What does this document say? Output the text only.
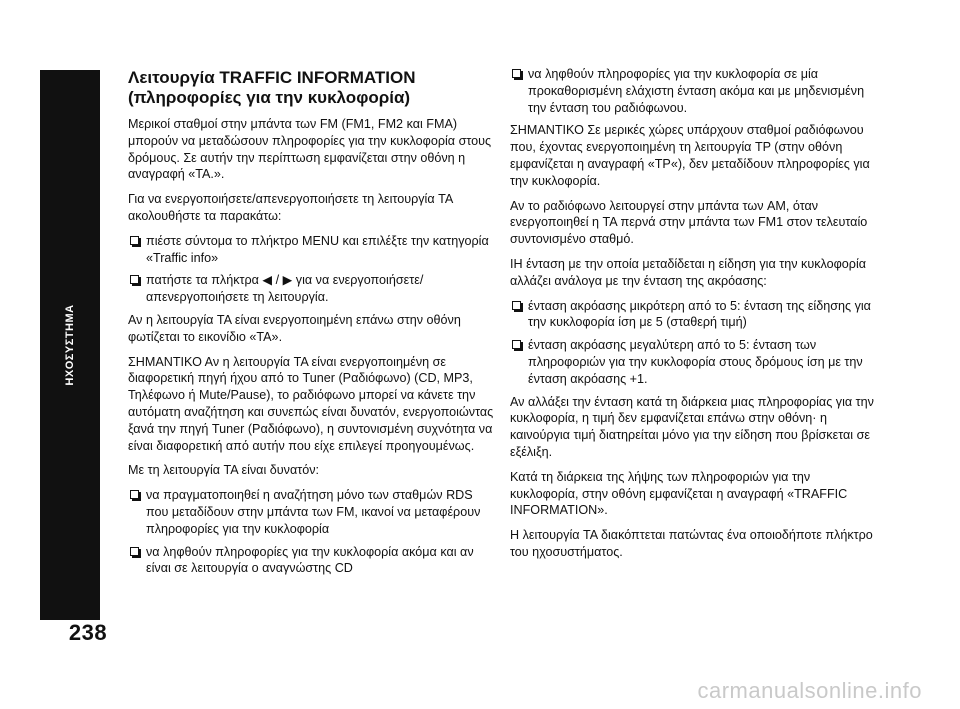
ΗΧΟΣΥΣΤΗΜΑ
238
Λειτουργία TRAFFIC INFORMATION
(πληροφορίες για την κυκλοφορία)

Μερικοί σταθμοί στην μπάντα των FM (FM1, FM2 και FMA) μπορούν να μεταδώσουν πληροφορίες για την κυκλοφορία στους δρόμους. Σε αυτήν την περίπτωση εμφανίζεται στην οθόνη η αναγραφή «TA.».

Για να ενεργοποιήσετε/απενεργοποιήσετε τη λειτουργία TA ακολουθήστε τα παρακάτω:

πιέστε σύντομα το πλήκτρο MENU και επιλέξτε την κατηγορία «Traffic info»
πατήστε τα πλήκτρα ◀ / ▶ για να ενεργοποιήσετε/ απενεργοποιήσετε τη λειτουργία.

Αν η λειτουργία TA είναι ενεργοποιημένη επάνω στην οθόνη φωτίζεται το εικονίδιο «TA».

ΣΗΜΑΝΤΙΚΟ Αν η λειτουργία TA είναι ενεργοποιημένη σε διαφορετική πηγή ήχου από το Tuner (Ραδιόφωνο) (CD, MP3, Τηλέφωνο ή Mute/Pause), το ραδιόφωνο μπορεί να κάνετε την αυτόματη αναζήτηση και συνεπώς είναι δυνατόν, ενεργοποιώντας ξανά την πηγή Tuner (Ραδιόφωνο), η συντονισμένη συχνότητα να είναι διαφορετική από αυτήν που είχε επιλεγεί προηγουμένως.

Με τη λειτουργία TA είναι δυνατόν:

να πραγματοποιηθεί η αναζήτηση μόνο των σταθμών RDS που μεταδίδουν στην μπάντα των FM, ικανοί να μεταφέρουν πληροφορίες για την κυκλοφορία
να ληφθούν πληροφορίες για την κυκλοφορία ακόμα και αν είναι σε λειτουργία ο αναγνώστης CD
να ληφθούν πληροφορίες για την κυκλοφορία σε μία προκαθορισμένη ελάχιστη ένταση ακόμα και με μηδενισμένη την ένταση του ραδιόφωνου.

ΣΗΜΑΝΤΙΚΟ Σε μερικές χώρες υπάρχουν σταθμοί ραδιόφωνου που, έχοντας ενεργοποιημένη τη λειτουργία TP (στην οθόνη εμφανίζεται η αναγραφή «TP«), δεν μεταδίδουν πληροφορίες για την κυκλοφορία.

Αν το ραδιόφωνο λειτουργεί στην μπάντα των AM, όταν ενεργοποιηθεί η TA περνά στην μπάντα των FM1 στον τελευταίο συντονισμένο σταθμό.

ΙΗ ένταση με την οποία μεταδίδεται η είδηση για την κυκλοφορία αλλάζει ανάλογα με την ένταση της ακρόασης:

ένταση ακρόασης μικρότερη από το 5: ένταση της είδησης για την κυκλοφορία ίση με 5 (σταθερή τιμή)
ένταση ακρόασης μεγαλύτερη από το 5: ένταση των πληροφοριών για την κυκλοφορία στους δρόμους ίση με την ένταση ακρόασης +1.

Αν αλλάξει την ένταση κατά τη διάρκεια μιας πληροφορίας για την κυκλοφορία, η τιμή δεν εμφανίζεται επάνω στην οθόνη· η καινούργια τιμή διατηρείται μόνο για την είδηση που βρίσκεται σε εξέλιξη.

Κατά τη διάρκεια της λήψης των πληροφοριών για την κυκλοφορία, στην οθόνη εμφανίζεται η αναγραφή «TRAFFIC INFORMATION».

Η λειτουργία TA διακόπτεται πατώντας ένα οποιοδήποτε πλήκτρο του ηχοσυστήματος.

carmanualsonline.info
